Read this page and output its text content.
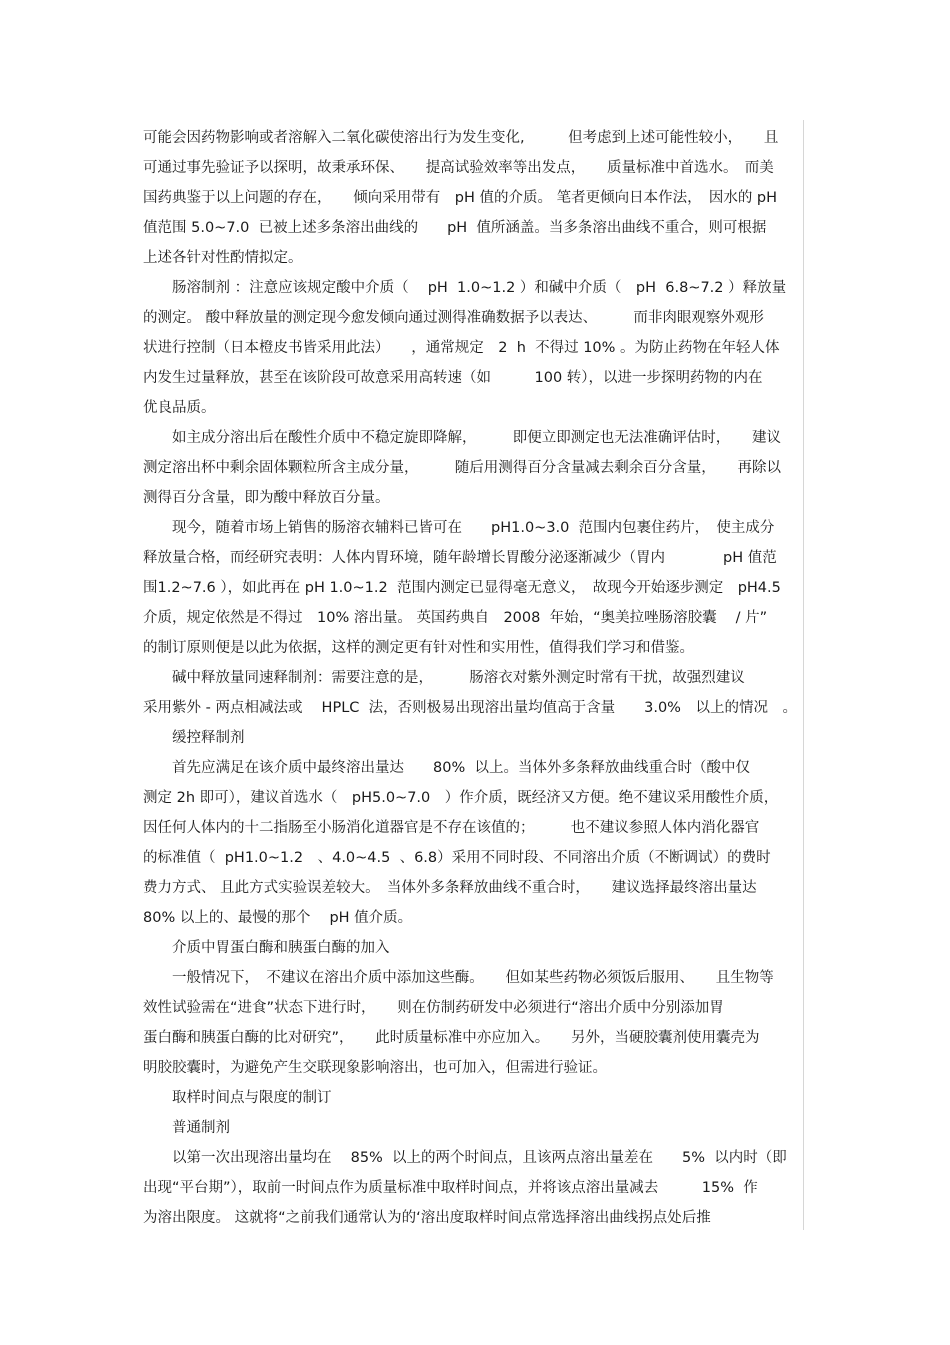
可能会因药物影响或者溶解入二氧化碳使溶出行为发生变化,　　　但考虑到上述可能性较小，　　且
可通过事先验证予以探明，故秉承环保、　　提高试验效率等出发点，　　质量标准中首选水。　而美
国药典鉴于以上问题的存在，　　倾向采用带有　pH 值的介质。 笔者更倾向日本作法，　因水的 pH
值范围 5.0~7.0  已被上述多条溶出曲线的　　pH  值所涵盖。当多条溶出曲线不重合，则可根据
上述各针对性酌情拟定。
　　肠溶制剂 ：注意应该规定酸中介质（　 pH  1.0~1.2 ）和碱中介质（　pH  6.8~7.2 ）释放量
的测定。 酸中释放量的测定现今愈发倾向通过测得准确数据予以表达、　　　而非肉眼观察外观形
状进行控制（日本橙皮书皆采用此法）　　，通常规定　2  h  不得过 10% 。为防止药物在年轻人体
内发生过量释放，甚至在该阶段可故意采用高转速（如　　　100 转），以进一步探明药物的内在
优良品质。
　　如主成分溶出后在酸性介质中不稳定旋即降解，　　　即便立即测定也无法准确评估时，　　建议
测定溶出杯中剩余固体颗粒所含主成分量，　　　随后用测得百分含量减去剩余百分含量，　　再除以
测得百分含量，即为酸中释放百分量。
　　现今，随着市场上销售的肠溶衣辅料已皆可在　　pH1.0~3.0  范围内包裹住药片，　使主成分
释放量合格，而经研究表明：人体内胃环境，随年龄增长胃酸分泌逐渐减少（胃内　　　　pH 值范
围1.2~7.6 ），如此再在 pH 1.0~1.2  范围内测定已显得毫无意义，　故现今开始逐步测定　pH4.5
介质，规定依然是不得过　10% 溶出量。 英国药典自　2008  年始，“奥美拉唑肠溶胶囊　 / 片”
的制订原则便是以此为依据，这样的测定更有针对性和实用性，值得我们学习和借鉴。
　　碱中释放量同速释制剂：需要注意的是，　　　肠溶衣对紫外测定时常有干扰，故强烈建议
采用紫外 - 两点相减法或　 HPLC  法，否则极易出现溶出量均值高于含量　　3.0%　以上的情况　。
　　缓控释制剂
　　首先应满足在该介质中最终溶出量达　　80%  以上。当体外多条释放曲线重合时（酸中仅
测定 2h 即可），建议首选水（　pH5.0~7.0　）作介质，既经济又方便。绝不建议采用酸性介质，
因任何人体内的十二指肠至小肠消化道器官是不存在该值的；　　　也不建议参照人体内消化器官
的标准值（  pH1.0~1.2　、4.0~4.5  、6.8）采用不同时段、不同溶出介质（不断调试）的费时
费力方式、 且此方式实验误差较大。　当体外多条释放曲线不重合时，　　建议选择最终溶出量达
80% 以上的、最慢的那个　 pH 值介质。
　　介质中胃蛋白酶和胰蛋白酶的加入
　　一般情况下，　不建议在溶出介质中添加这些酶。　　但如某些药物必须饭后服用、　　且生物等
效性试验需在“进食”状态下进行时，　　则在仿制药研发中必须进行“溶出介质中分别添加胃
蛋白酶和胰蛋白酶的比对研究”，　　此时质量标准中亦应加入。　　另外，当硬胶囊剂使用囊壳为
明胶胶囊时，为避免产生交联现象影响溶出，也可加入，但需进行验证。
　　取样时间点与限度的制订
　　普通制剂
　　以第一次出现溶出量均在　 85%  以上的两个时间点，且该两点溶出量差在　　5%  以内时（即
出现“平台期”），取前一时间点作为质量标准中取样时间点，并将该点溶出量减去　　　15%  作
为溶出限度。 这就将“之前我们通常认为的‘溶出度取样时间点常选择溶出曲线拐点处后推
